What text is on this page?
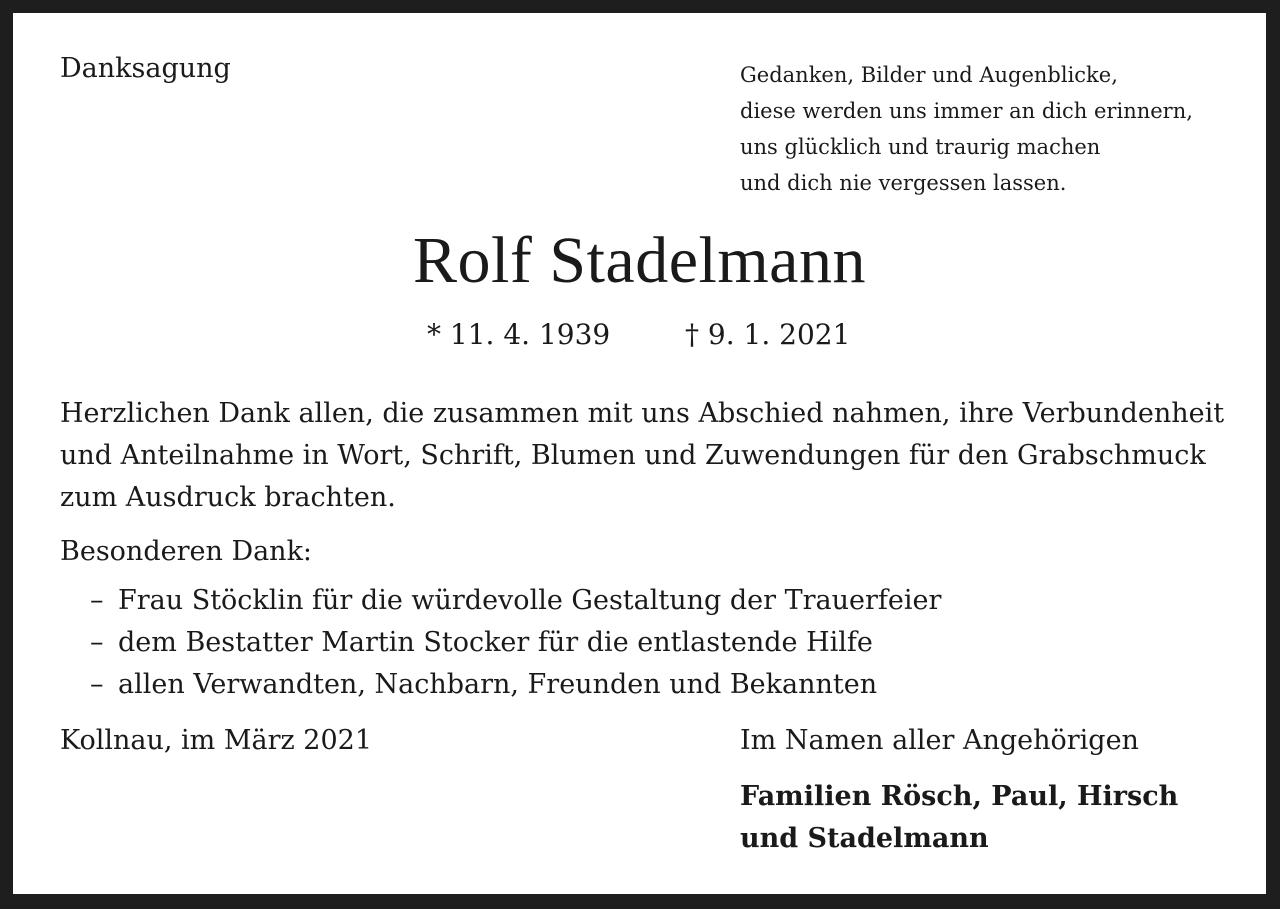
Danksagung	Gedanken, Bilder und Augenblicke,
diese werden uns immer an dich erinnern,
uns glücklich und traurig machen
und dich nie vergessen lassen.
Rolf Stadelmann
* 11. 4. 1939	† 9. 1. 2021
Herzlichen Dank allen, die zusammen mit uns Abschied nahmen, ihre Verbundenheit
und Anteilnahme in Wort, Schrift, Blumen und Zuwendungen für den Grabschmuck
zum Ausdruck brachten.
Besonderen Dank:
– Frau Stöcklin für die würdevolle Gestaltung der Trauerfeier
– dem Bestatter Martin Stocker für die entlastende Hilfe
– allen Verwandten, Nachbarn, Freunden und Bekannten
Kollnau, im März 2021	Im Namen aller Angehörigen
Familien Rösch, Paul, Hirsch
und Stadelmann
